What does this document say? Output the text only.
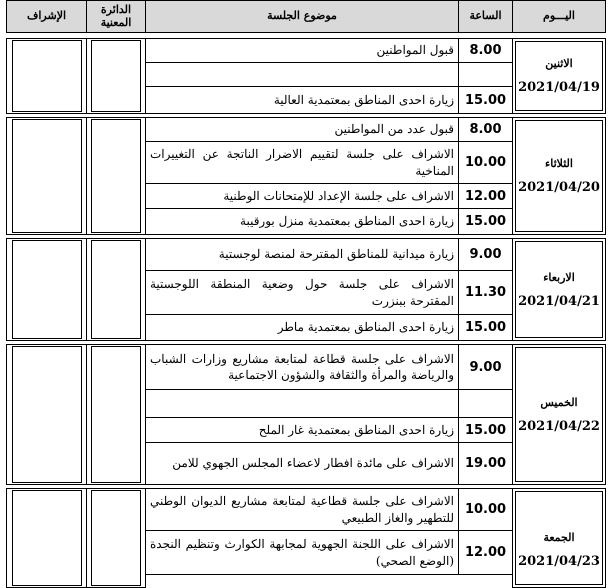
اليـــوم
الساعة
موضوع الجلسة
الدائرة المعنية
الإشراف
الاثنين
2021/04/19
8.00
قبول المواطنين
15.00
زيارة احدى المناطق بمعتمدية العالية
الثلاثاء
2021/04/20
8.00
قبول عدد من المواطنين
10.00
الاشراف على جلسة لتقييم الاضرار الناتجة عن التغييرات المناخية
12.00
الاشراف على جلسة الإعداد للإمتحانات الوطنية
15.00
زيارة احدى المناطق بمعتمدية منزل بورقيبة
الاربعاء
2021/04/21
9.00
زيارة ميدانية للمناطق المقترحة لمنصة لوجستية
11.30
الاشراف على جلسة حول وضعية المنطقة اللوجستية المقترحة ببنزرت
15.00
زيارة احدى المناطق بمعتمدية ماطر
الخميس
2021/04/22
9.00
الاشراف على جلسة قطاعة لمتابعة مشاريع وزارات الشباب والرياضة والمرأة والثقافة والشؤون الاجتماعية
15.00
زيارة احدى المناطق بمعتمدية غار الملح
19.00
الاشراف على مائدة افطار لاعضاء المجلس الجهوي للامن
الجمعة
2021/04/23
10.00
الاشراف على جلسة قطاعية لمتابعة مشاريع الديوان الوطني للتطهير والغاز الطبيعي
12.00
الاشراف على اللجنة الجهوية لمجابهة الكوارث وتنظيم النجدة (الوضع الصحي)
